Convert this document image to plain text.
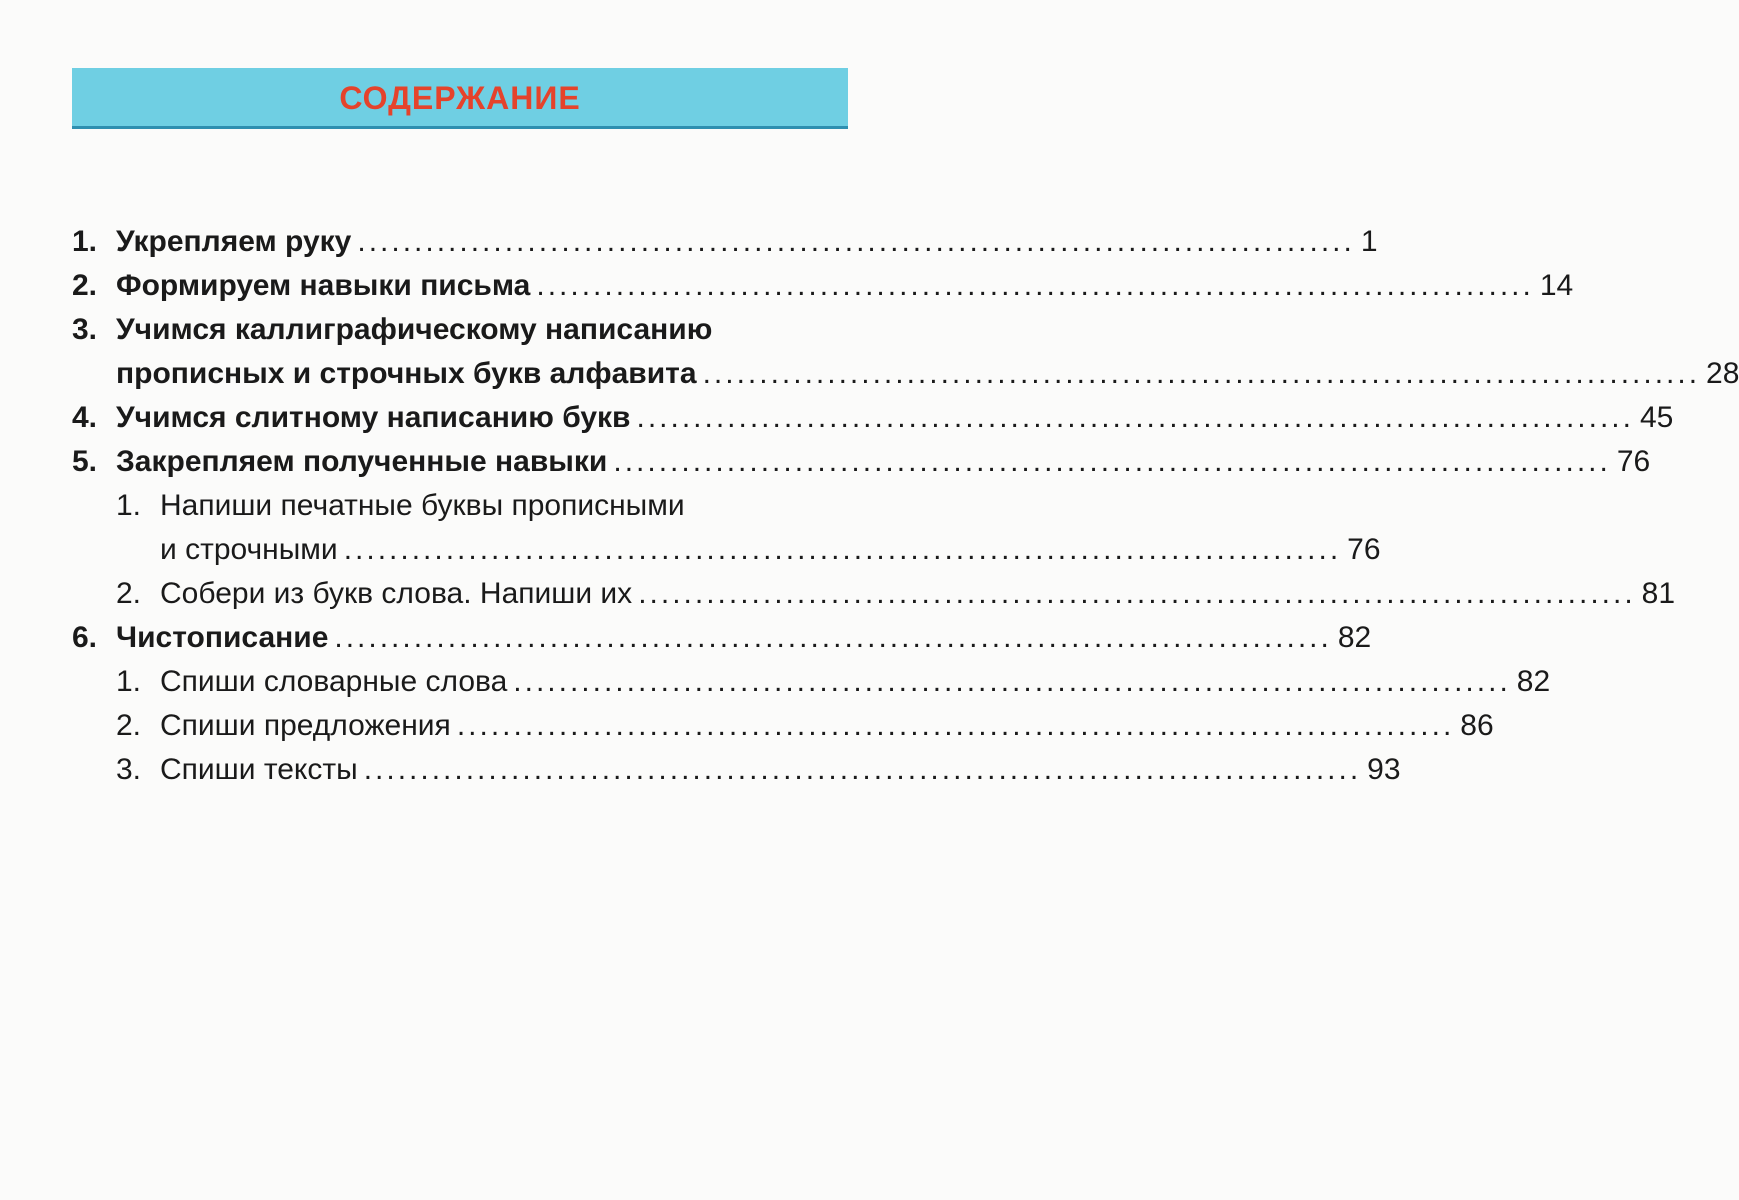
СОДЕРЖАНИЕ
1. Укрепляем руку ........................................................................................ 1
2. Формируем навыки письма ........................................................................................ 14
3. Учимся каллиграфическому написанию
прописных и строчных букв алфавита ........................................................................................ 28
4. Учимся слитному написанию букв ........................................................................................ 45
5. Закрепляем полученные навыки ........................................................................................ 76
1. Напиши печатные буквы прописными
и строчными ........................................................................................ 76
2. Собери из букв слова. Напиши их ........................................................................................ 81
6. Чистописание ........................................................................................ 82
1. Спиши словарные слова ........................................................................................ 82
2. Спиши предложения ........................................................................................ 86
3. Спиши тексты ........................................................................................ 93
